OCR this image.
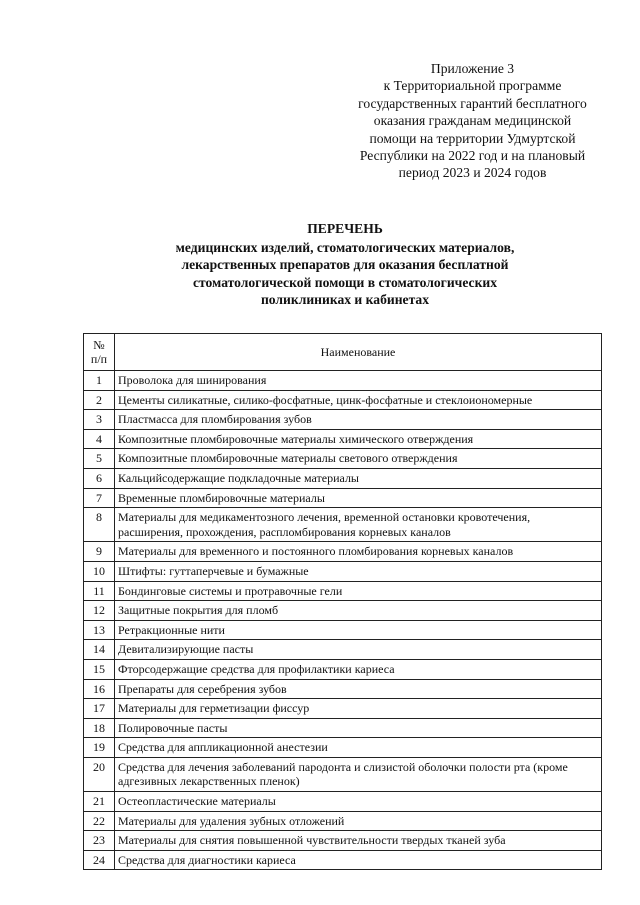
Приложение 3
к Территориальной программе
государственных гарантий бесплатного
оказания гражданам медицинской
помощи на территории Удмуртской
Республики на 2022 год и на плановый
период 2023 и 2024 годов
ПЕРЕЧЕНЬ
медицинских изделий, стоматологических материалов,
лекарственных препаратов для оказания бесплатной
стоматологической помощи в стоматологических
поликлиниках и кабинетах
№
п/п	Наименование
1	Проволока для шинирования
2	Цементы силикатные, силико-фосфатные, цинк-фосфатные и стеклоиономерные
3	Пластмасса для пломбирования зубов
4	Композитные пломбировочные материалы химического отверждения
5	Композитные пломбировочные материалы светового отверждения
6	Кальцийсодержащие подкладочные материалы
7	Временные пломбировочные материалы
8	Материалы для медикаментозного лечения, временной остановки кровотечения, расширения, прохождения, распломбирования корневых каналов
9	Материалы для временного и постоянного пломбирования корневых каналов
10	Штифты: гуттаперчевые и бумажные
11	Бондинговые системы и протравочные гели
12	Защитные покрытия для пломб
13	Ретракционные нити
14	Девитализирующие пасты
15	Фторсодержащие средства для профилактики кариеса
16	Препараты для серебрения зубов
17	Материалы для герметизации фиссур
18	Полировочные пасты
19	Средства для аппликационной анестезии
20	Средства для лечения заболеваний пародонта и слизистой оболочки полости рта (кроме адгезивных лекарственных пленок)
21	Остеопластические материалы
22	Материалы для удаления зубных отложений
23	Материалы для снятия повышенной чувствительности твердых тканей зуба
24	Средства для диагностики кариеса
